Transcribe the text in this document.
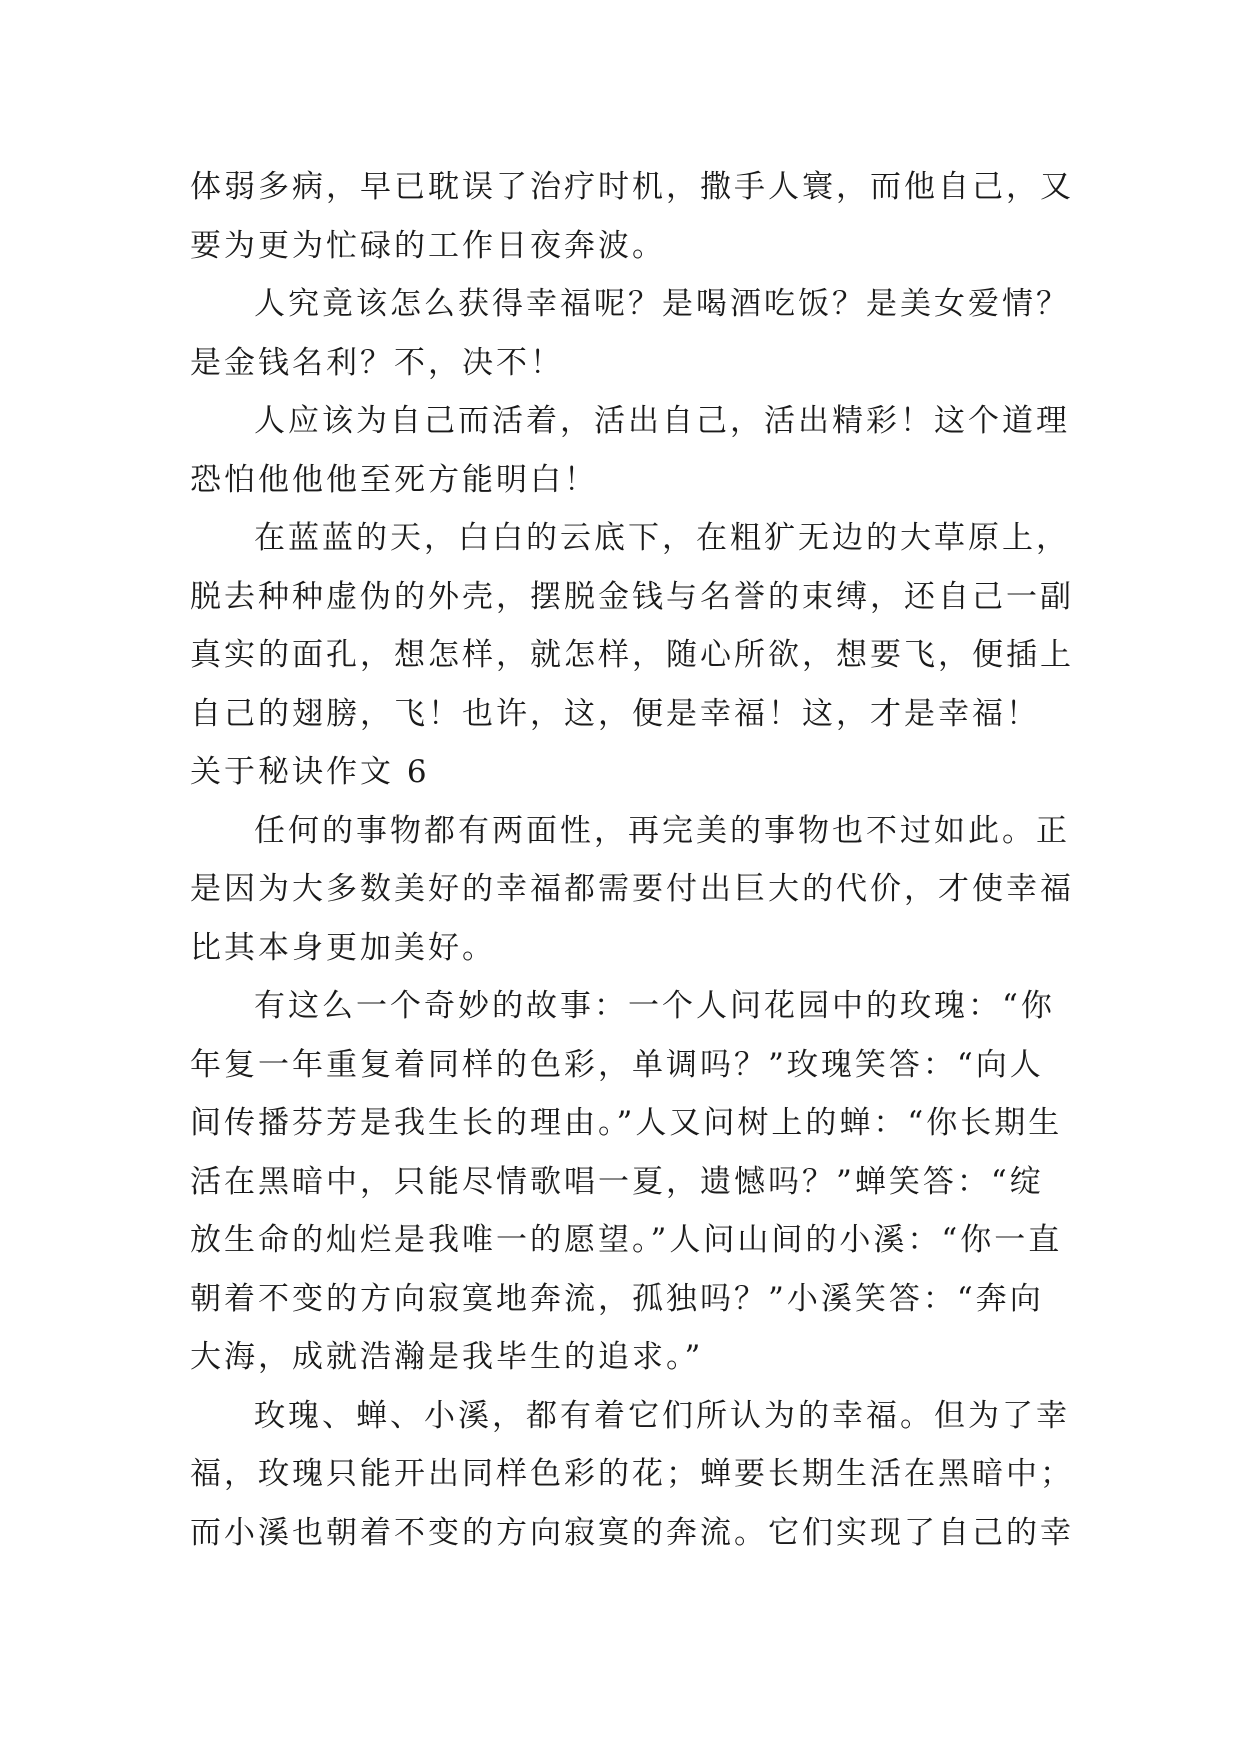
体弱多病，早已耽误了治疗时机，撒手人寰，而他自己，又
要为更为忙碌的工作日夜奔波。
人究竟该怎么获得幸福呢？是喝酒吃饭？是美女爱情？
是金钱名利？不，决不！
人应该为自己而活着，活出自己，活出精彩！这个道理
恐怕他他他至死方能明白！
在蓝蓝的天，白白的云底下，在粗犷无边的大草原上，
脱去种种虚伪的外壳，摆脱金钱与名誉的束缚，还自己一副
真实的面孔，想怎样，就怎样，随心所欲，想要飞，便插上
自己的翅膀，飞！也许，这，便是幸福！这，才是幸福！
关于秘诀作文 6
任何的事物都有两面性，再完美的事物也不过如此。正
是因为大多数美好的幸福都需要付出巨大的代价，才使幸福
比其本身更加美好。
有这么一个奇妙的故事：一个人问花园中的玫瑰：“你
年复一年重复着同样的色彩，单调吗？”玫瑰笑答：“向人
间传播芬芳是我生长的理由。”人又问树上的蝉：“你长期生
活在黑暗中，只能尽情歌唱一夏，遗憾吗？”蝉笑答：“绽
放生命的灿烂是我唯一的愿望。”人问山间的小溪：“你一直
朝着不变的方向寂寞地奔流，孤独吗？”小溪笑答：“奔向
大海，成就浩瀚是我毕生的追求。”
玫瑰、蝉、小溪，都有着它们所认为的幸福。但为了幸
福，玫瑰只能开出同样色彩的花；蝉要长期生活在黑暗中；
而小溪也朝着不变的方向寂寞的奔流。它们实现了自己的幸
